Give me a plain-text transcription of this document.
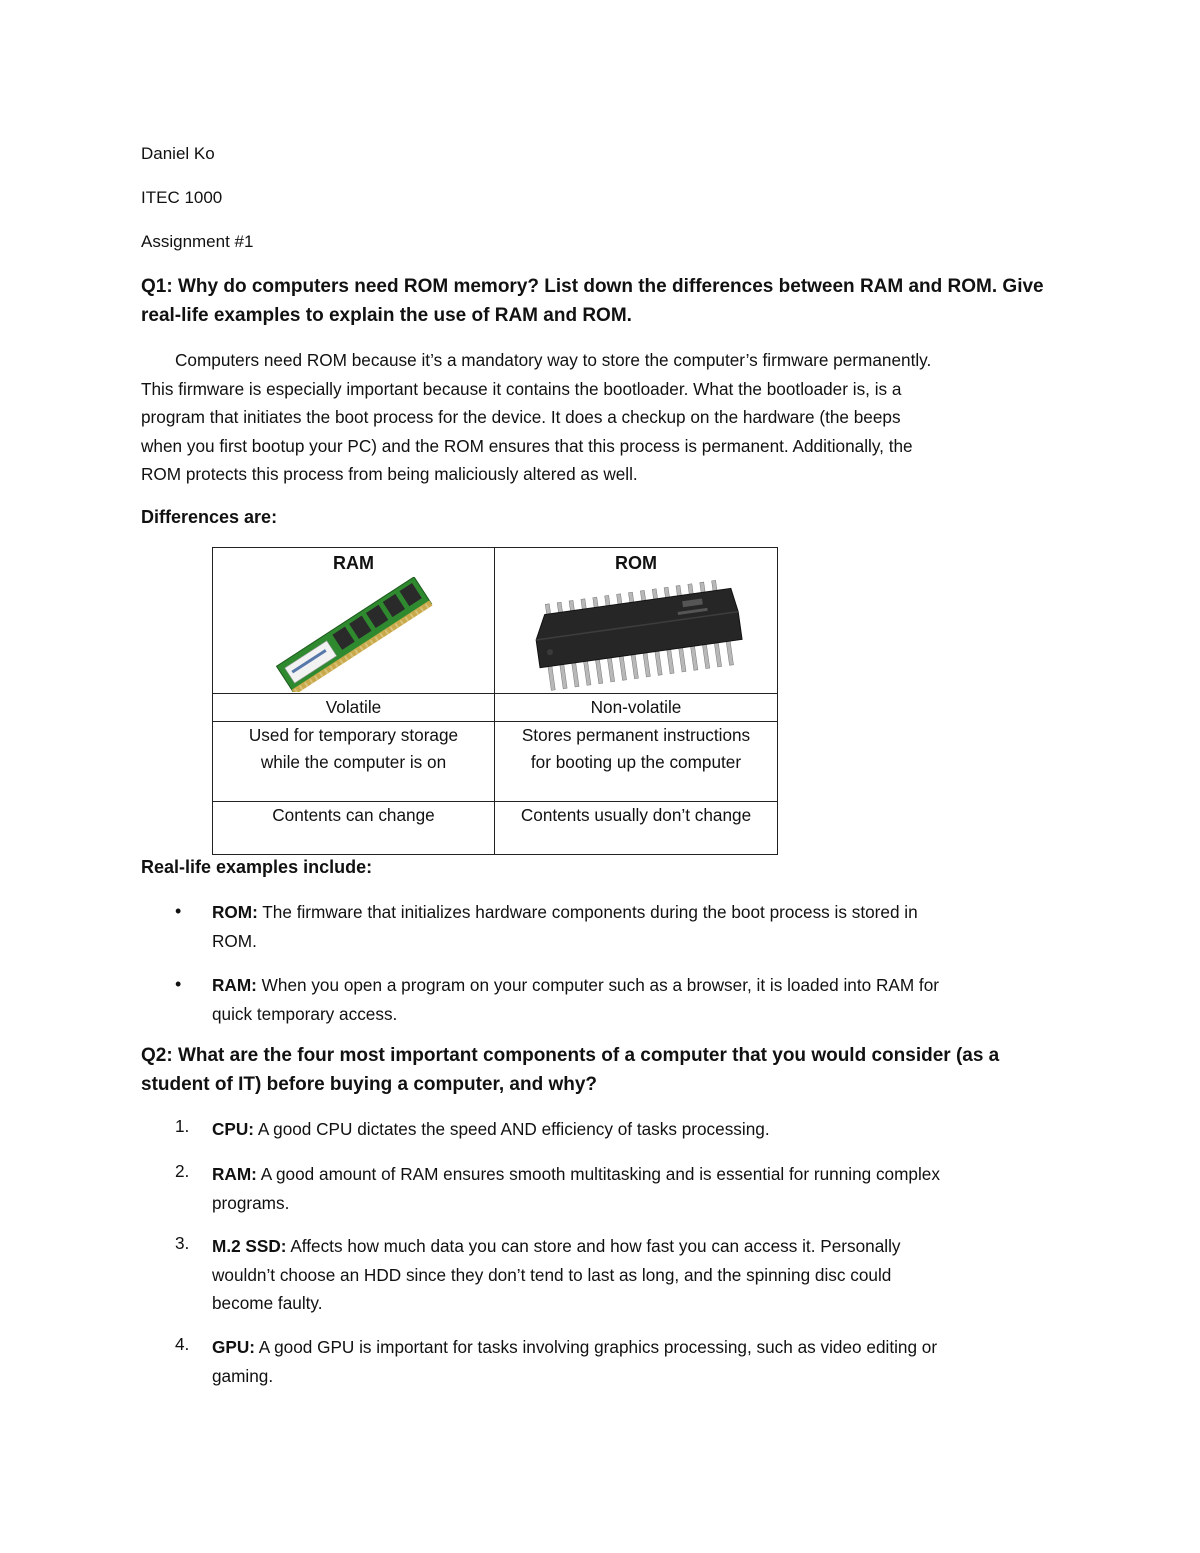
Daniel Ko
ITEC 1000
Assignment #1
Q1: Why do computers need ROM memory? List down the differences between RAM and ROM. Give
real-life examples to explain the use of RAM and ROM.
Computers need ROM because it’s a mandatory way to store the computer’s firmware permanently.
This firmware is especially important because it contains the bootloader. What the bootloader is, is a
program that initiates the boot process for the device. It does a checkup on the hardware (the beeps
when you first bootup your PC) and the ROM ensures that this process is permanent. Additionally, the
ROM protects this process from being maliciously altered as well.
Differences are:
RAM	ROM

Volatile	Non-volatile
Used for temporary storage while the computer is on	Stores permanent instructions for booting up the computer
Contents can change	Contents usually don’t change
Real-life examples include:
• ROM: The firmware that initializes hardware components during the boot process is stored in
ROM.
• RAM: When you open a program on your computer such as a browser, it is loaded into RAM for
quick temporary access.
Q2: What are the four most important components of a computer that you would consider (as a
student of IT) before buying a computer, and why?
1. CPU: A good CPU dictates the speed AND efficiency of tasks processing.
2. RAM: A good amount of RAM ensures smooth multitasking and is essential for running complex
programs.
3. M.2 SSD: Affects how much data you can store and how fast you can access it. Personally
wouldn’t choose an HDD since they don’t tend to last as long, and the spinning disc could
become faulty.
4. GPU: A good GPU is important for tasks involving graphics processing, such as video editing or
gaming.
